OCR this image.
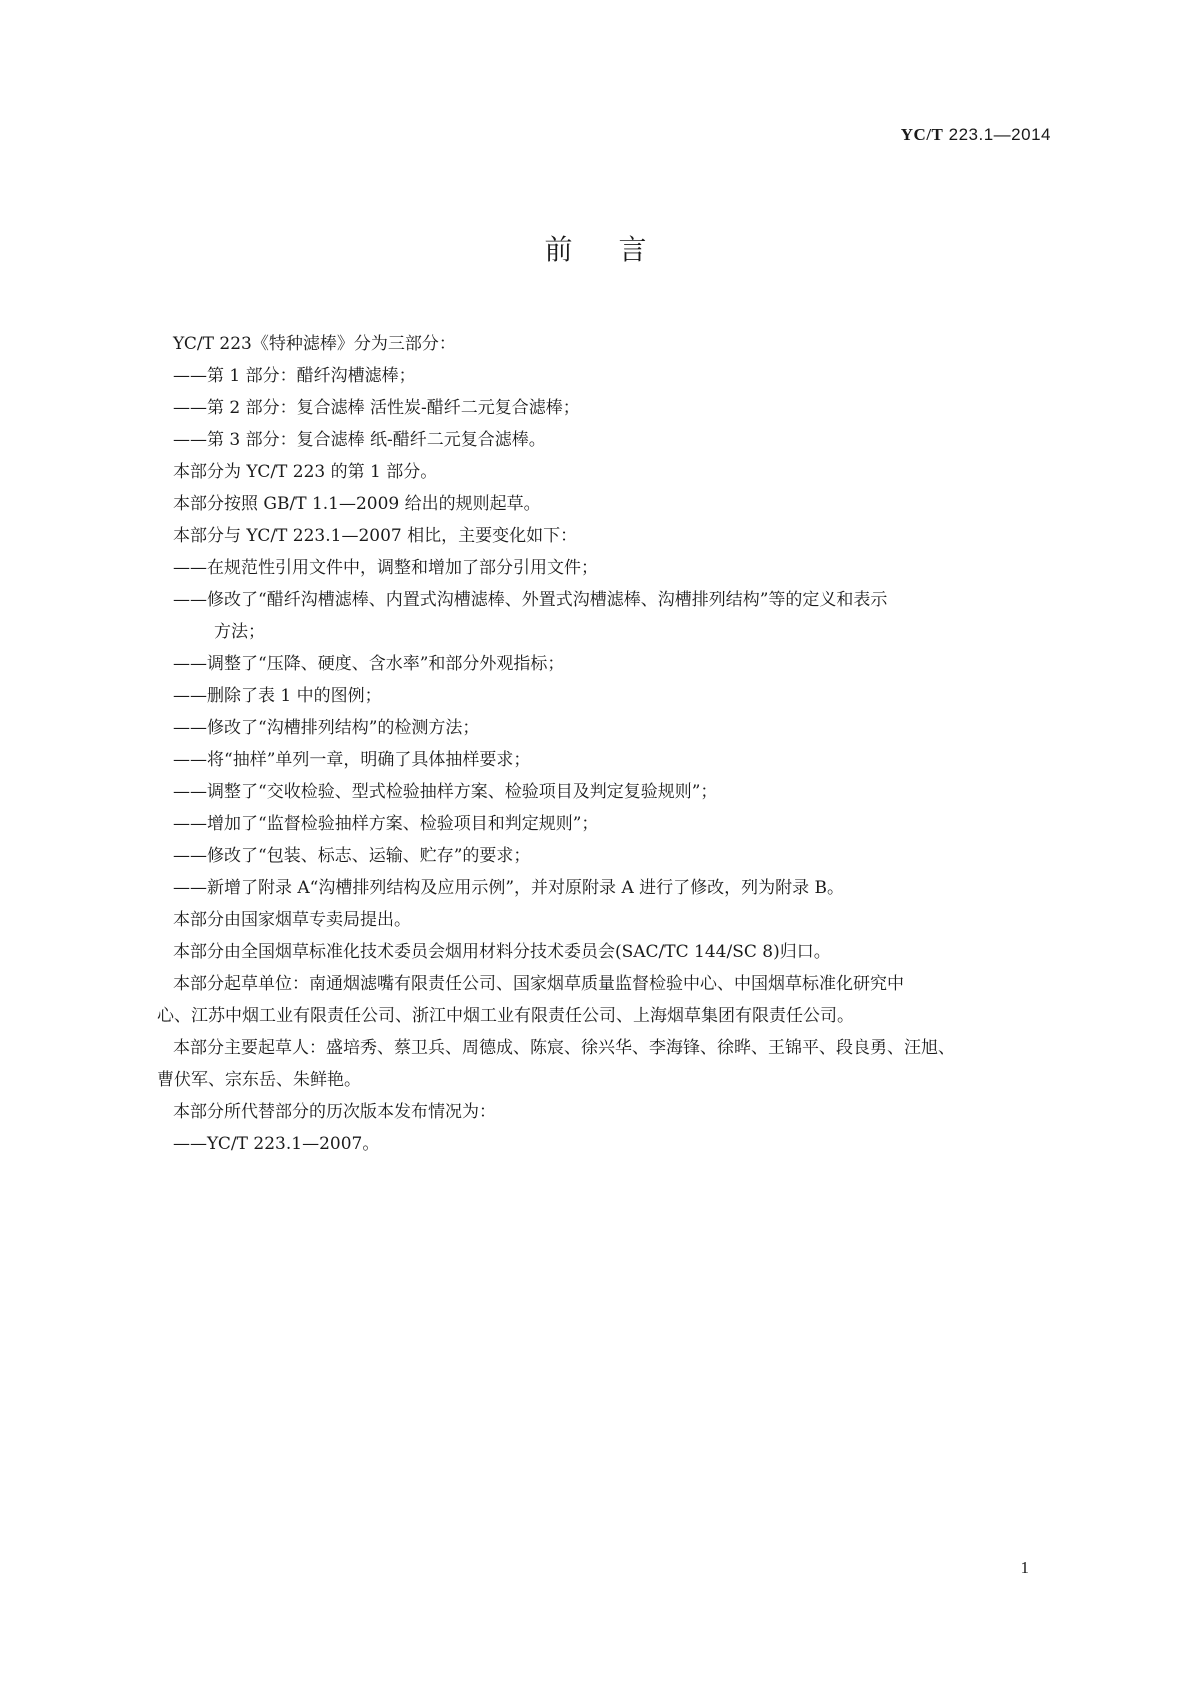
YC/T 223.1—2014
前言
YC/T 223《特种滤棒》分为三部分：
——第 1 部分：醋纤沟槽滤棒；
——第 2 部分：复合滤棒 活性炭-醋纤二元复合滤棒；
——第 3 部分：复合滤棒 纸-醋纤二元复合滤棒。
本部分为 YC/T 223 的第 1 部分。
本部分按照 GB/T 1.1—2009 给出的规则起草。
本部分与 YC/T 223.1—2007 相比，主要变化如下：
——在规范性引用文件中，调整和增加了部分引用文件；
——修改了“醋纤沟槽滤棒、内置式沟槽滤棒、外置式沟槽滤棒、沟槽排列结构”等的定义和表示
方法；
——调整了“压降、硬度、含水率”和部分外观指标；
——删除了表 1 中的图例；
——修改了“沟槽排列结构”的检测方法；
——将“抽样”单列一章，明确了具体抽样要求；
——调整了“交收检验、型式检验抽样方案、检验项目及判定复验规则”；
——增加了“监督检验抽样方案、检验项目和判定规则”；
——修改了“包装、标志、运输、贮存”的要求；
——新增了附录 A“沟槽排列结构及应用示例”，并对原附录 A 进行了修改，列为附录 B。
本部分由国家烟草专卖局提出。
本部分由全国烟草标准化技术委员会烟用材料分技术委员会(SAC/TC 144/SC 8)归口。
本部分起草单位：南通烟滤嘴有限责任公司、国家烟草质量监督检验中心、中国烟草标准化研究中
心、江苏中烟工业有限责任公司、浙江中烟工业有限责任公司、上海烟草集团有限责任公司。
本部分主要起草人：盛培秀、蔡卫兵、周德成、陈宸、徐兴华、李海锋、徐晔、王锦平、段良勇、汪旭、
曹伏军、宗东岳、朱鲜艳。
本部分所代替部分的历次版本发布情况为：
——YC/T 223.1—2007。
1
